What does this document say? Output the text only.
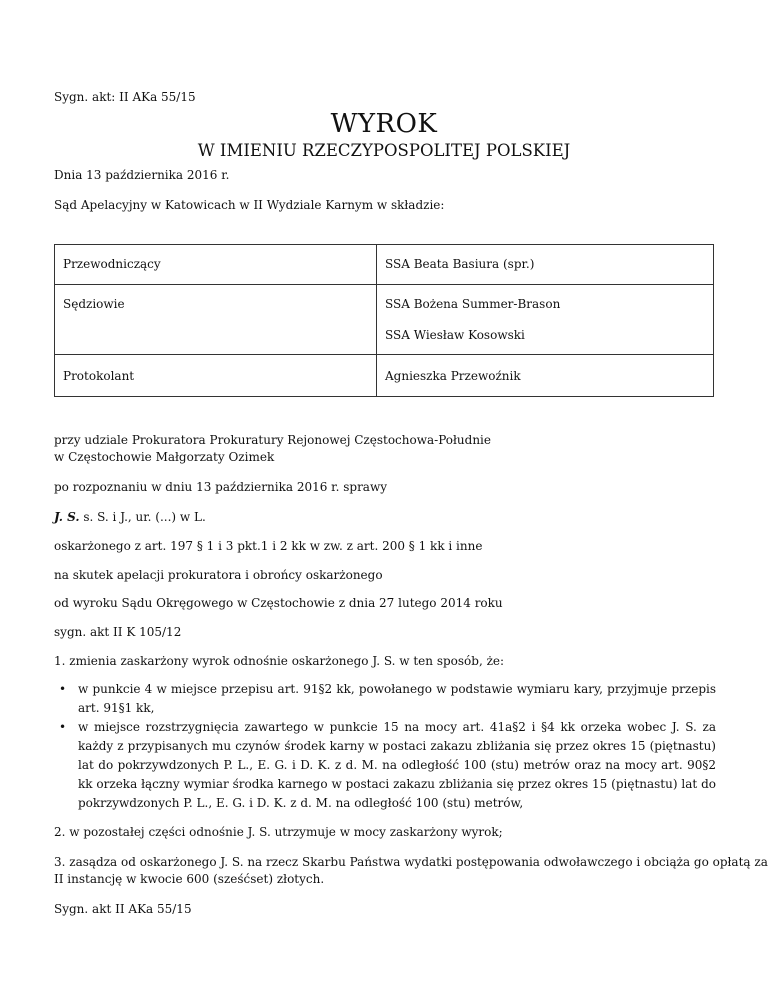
Sygn. akt: II AKa 55/15

WYROK
W IMIENIU RZECZYPOSPOLITEJ POLSKIEJ

Dnia 13 października 2016 r.

Sąd Apelacyjny w Katowicach w II Wydziale Karnym w składzie:

Przewodniczący	SSA Beata Basiura (spr.)

Sędziowie	SSA Bożena Summer-Brason
SSA Wiesław Kosowski

Protokolant	Agnieszka Przewoźnik

przy udziale Prokuratora Prokuratury Rejonowej Częstochowa-Południe

w Częstochowie Małgorzaty Ozimek

po rozpoznaniu w dniu 13 października 2016 r. sprawy

J. S. s. S. i J., ur. (...) w L.

oskarżonego z art. 197 § 1 i 3 pkt.1 i 2 kk w zw. z art. 200 § 1 kk i inne

na skutek apelacji prokuratora i obrońcy oskarżonego

od wyroku Sądu Okręgowego w Częstochowie z dnia 27 lutego 2014 roku

sygn. akt II K 105/12

1. zmienia zaskarżony wyrok odnośnie oskarżonego J. S. w ten sposób, że:

• w punkcie 4 w miejsce przepisu art. 91§2 kk, powołanego w podstawie wymiaru kary, przyjmuje przepis art. 91§1 kk,
• w miejsce rozstrzygnięcia zawartego w punkcie 15 na mocy art. 41a§2 i §4 kk orzeka wobec J. S. za każdy z przypisanych mu czynów środek karny w postaci zakazu zbliżania się przez okres 15 (piętnastu) lat do pokrzywdzonych P. L., E. G. i D. K. z d. M. na odległość 100 (stu) metrów oraz na mocy art. 90§2 kk orzeka łączny wymiar środka karnego w postaci zakazu zbliżania się przez okres 15 (piętnastu) lat do pokrzywdzonych P. L., E. G. i D. K. z d. M. na odległość 100 (stu) metrów,

2. w pozostałej części odnośnie J. S. utrzymuje w mocy zaskarżony wyrok;

3. zasądza od oskarżonego J. S. na rzecz Skarbu Państwa wydatki postępowania odwoławczego i obciąża go opłatą za

II instancję w kwocie 600 (sześćset) złotych.

Sygn. akt II AKa 55/15
